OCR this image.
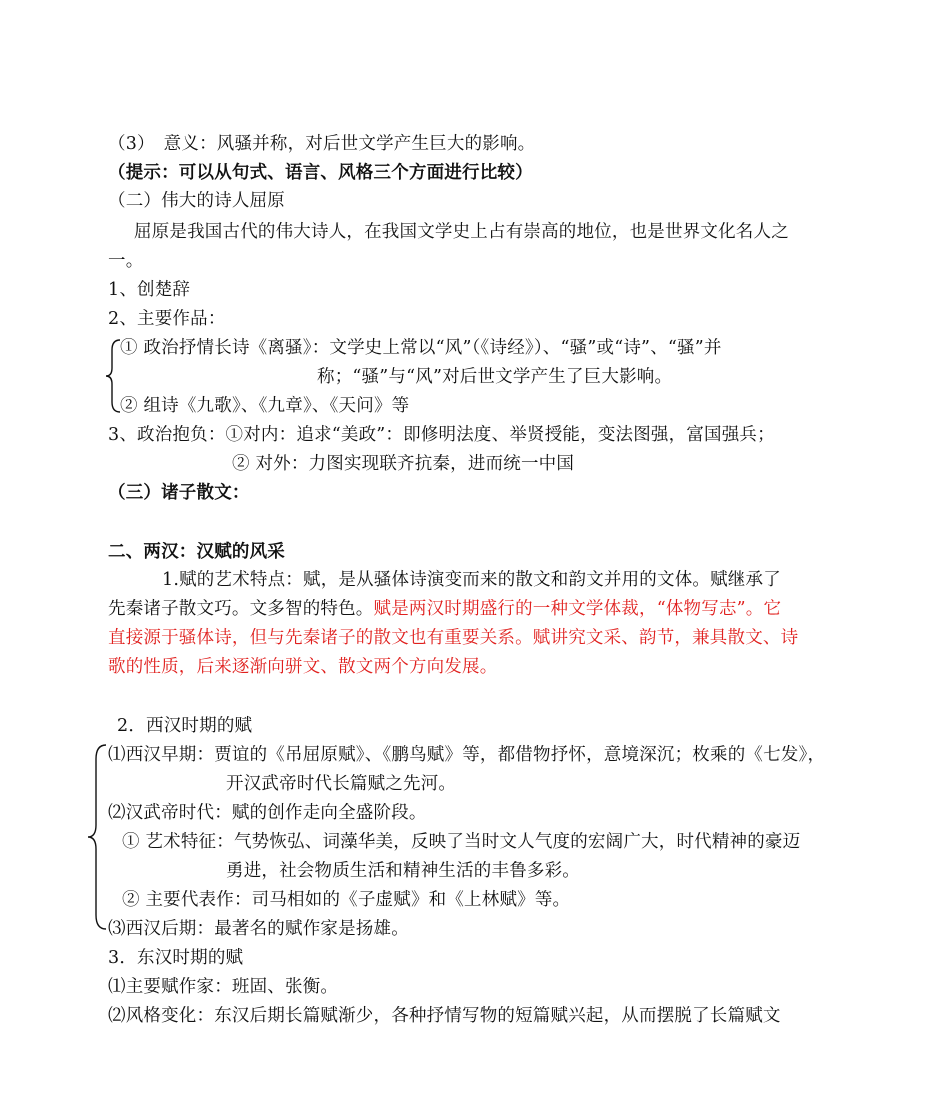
（3）　意义：风骚并称，对后世文学产生巨大的影响。
（提示：可以从句式、语言、风格三个方面进行比较）
（二）伟大的诗人屈原
屈原是我国古代的伟大诗人，在我国文学史上占有崇高的地位，也是世界文化名人之
一。
1、创楚辞
2、主要作品：
① 政治抒情长诗《离骚》：文学史上常以“风”（《诗经》）、“骚”或“诗”、“骚”并
称；“骚”与“风”对后世文学产生了巨大影响。
② 组诗《九歌》、《九章》、《天问》等
3、政治抱负：①对内：追求“美政”：即修明法度、举贤授能，变法图强，富国强兵；
② 对外：力图实现联齐抗秦，进而统一中国
（三）诸子散文：
二、两汉：汉赋的风采
1.赋的艺术特点：赋，是从骚体诗演变而来的散文和韵文并用的文体。赋继承了
先秦诸子散文巧。文多智的特色。赋是两汉时期盛行的一种文学体裁，“体物写志”。它
直接源于骚体诗，但与先秦诸子的散文也有重要关系。赋讲究文采、韵节，兼具散文、诗
歌的性质，后来逐渐向骈文、散文两个方向发展。
2．西汉时期的赋
⑴西汉早期：贾谊的《吊屈原赋》、《鹏鸟赋》等，都借物抒怀，意境深沉；枚乘的《七发》，
开汉武帝时代长篇赋之先河。
⑵汉武帝时代：赋的创作走向全盛阶段。
① 艺术特征：气势恢弘、词藻华美，反映了当时文人气度的宏阔广大，时代精神的豪迈
勇进，社会物质生活和精神生活的丰鲁多彩。
② 主要代表作：司马相如的《子虚赋》和《上林赋》等。
⑶西汉后期：最著名的赋作家是扬雄。
3．东汉时期的赋
⑴主要赋作家：班固、张衡。
⑵风格变化：东汉后期长篇赋渐少，各种抒情写物的短篇赋兴起，从而摆脱了长篇赋文
